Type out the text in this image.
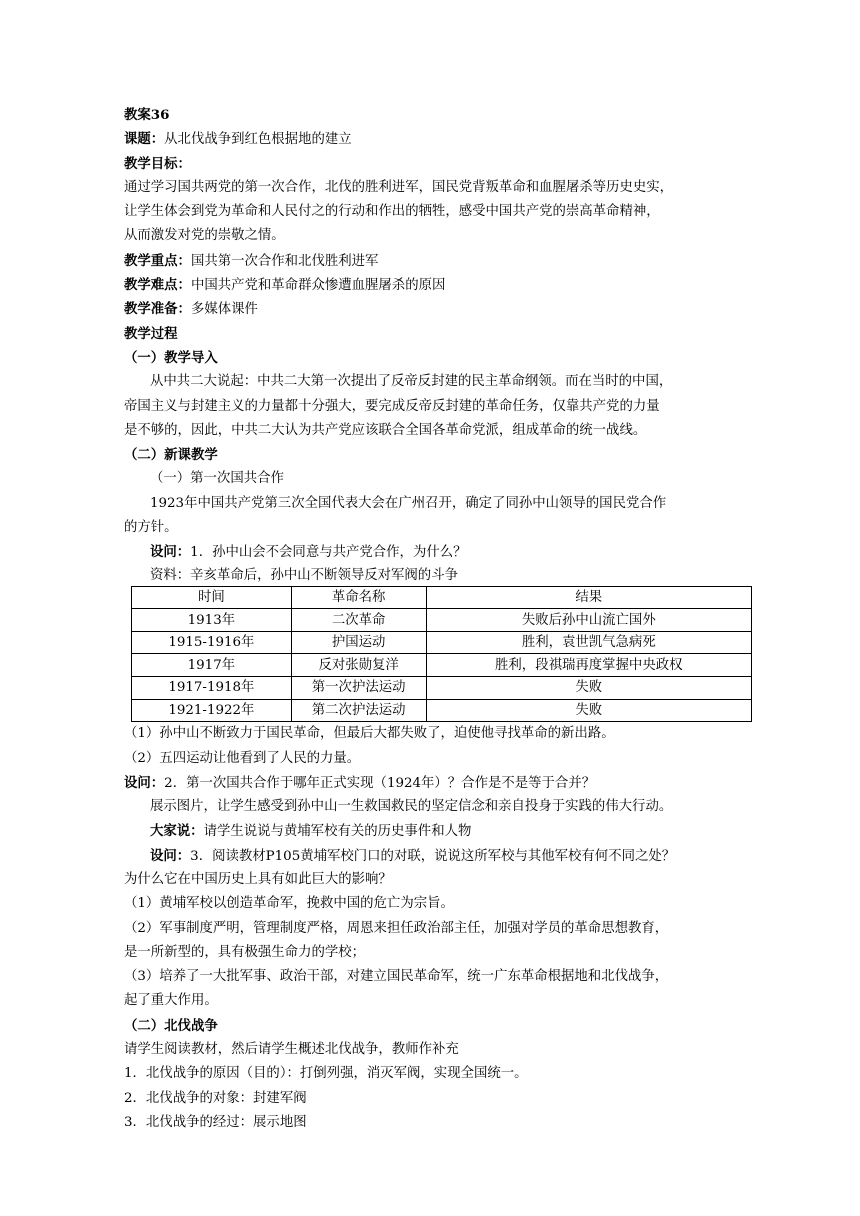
教案36
课题：从北伐战争到红色根据地的建立
教学目标：
通过学习国共两党的第一次合作，北伐的胜利进军，国民党背叛革命和血腥屠杀等历史史实，
让学生体会到党为革命和人民付之的行动和作出的牺牲，感受中国共产党的崇高革命精神，
从而激发对党的崇敬之情。
教学重点：国共第一次合作和北伐胜利进军
教学难点：中国共产党和革命群众惨遭血腥屠杀的原因
教学准备：多媒体课件
教学过程
（一）教学导入
从中共二大说起：中共二大第一次提出了反帝反封建的民主革命纲领。而在当时的中国，
帝国主义与封建主义的力量都十分强大，要完成反帝反封建的革命任务，仅靠共产党的力量
是不够的，因此，中共二大认为共产党应该联合全国各革命党派，组成革命的统一战线。
（二）新课教学
（一）第一次国共合作
1923年中国共产党第三次全国代表大会在广州召开，确定了同孙中山领导的国民党合作
的方针。
设问：1．孙中山会不会同意与共产党合作，为什么？
资料：辛亥革命后，孙中山不断领导反对军阀的斗争
时间	革命名称	结果
1913年	二次革命	失败后孙中山流亡国外
1915-1916年	护国运动	胜利，袁世凯气急病死
1917年	反对张勋复洋	胜利，段祺瑞再度掌握中央政权
1917-1918年	第一次护法运动	失败
1921-1922年	第二次护法运动	失败
（1）孙中山不断致力于国民革命，但最后大都失败了，迫使他寻找革命的新出路。
（2）五四运动让他看到了人民的力量。
设问：2．第一次国共合作于哪年正式实现（1924年）？合作是不是等于合并？
展示图片，让学生感受到孙中山一生救国救民的坚定信念和亲自投身于实践的伟大行动。
大家说：请学生说说与黄埔军校有关的历史事件和人物
设问：3．阅读教材P105黄埔军校门口的对联，说说这所军校与其他军校有何不同之处？
为什么它在中国历史上具有如此巨大的影响？
（1）黄埔军校以创造革命军，挽救中国的危亡为宗旨。
（2）军事制度严明，管理制度严格，周恩来担任政治部主任，加强对学员的革命思想教育，
是一所新型的，具有极强生命力的学校；
（3）培养了一大批军事、政治干部，对建立国民革命军，统一广东革命根据地和北伐战争，
起了重大作用。
（二）北伐战争
请学生阅读教材，然后请学生概述北伐战争，教师作补充
1．北伐战争的原因（目的）：打倒列强，消灭军阀，实现全国统一。
2．北伐战争的对象：封建军阀
3．北伐战争的经过：展示地图
